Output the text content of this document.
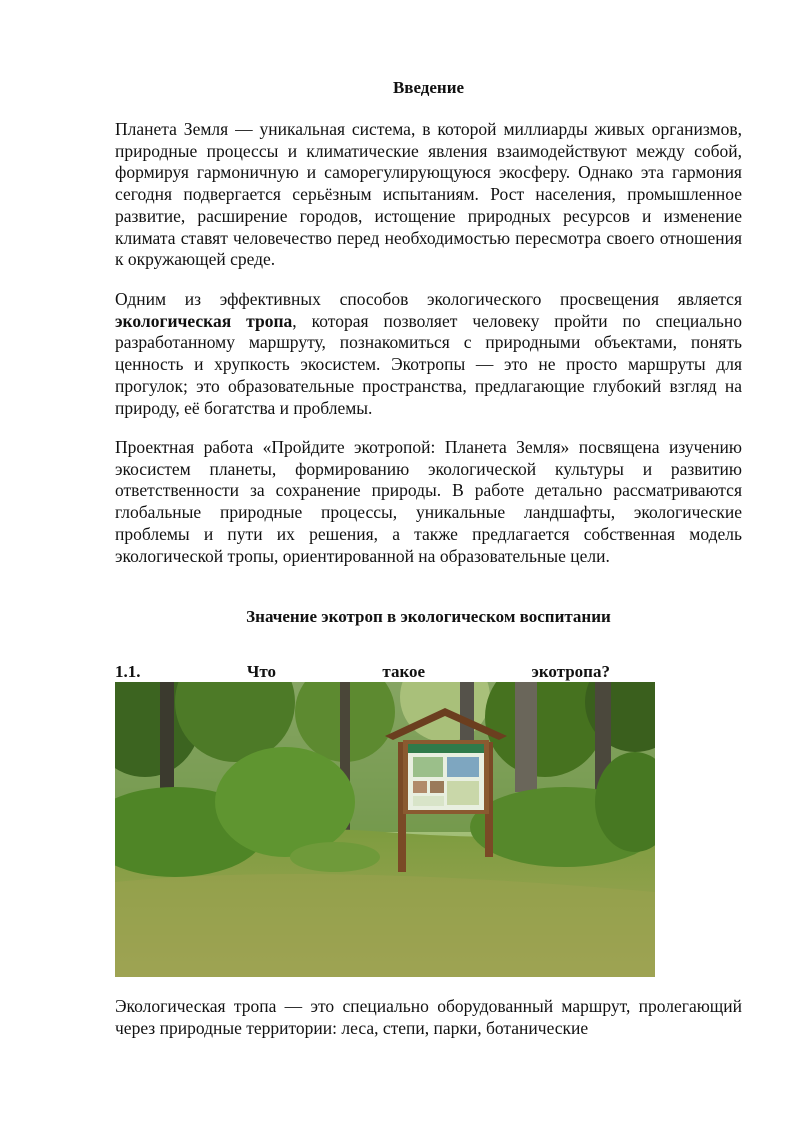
Введение
Планета Земля — уникальная система, в которой миллиарды живых организмов, природные процессы и климатические явления взаимодействуют между собой, формируя гармоничную и саморегулирующуюся экосферу. Однако эта гармония сегодня подвергается серьёзным испытаниям. Рост населения, промышленное развитие, расширение городов, истощение природных ресурсов и изменение климата ставят человечество перед необходимостью пересмотра своего отношения к окружающей среде.
Одним из эффективных способов экологического просвещения является экологическая тропа, которая позволяет человеку пройти по специально разработанному маршруту, познакомиться с природными объектами, понять ценность и хрупкость экосистем. Экотропы — это не просто маршруты для прогулок; это образовательные пространства, предлагающие глубокий взгляд на природу, её богатства и проблемы.
Проектная работа «Пройдите экотропой: Планета Земля» посвящена изучению экосистем планеты, формированию экологической культуры и развитию ответственности за сохранение природы. В работе детально рассматриваются глобальные природные процессы, уникальные ландшафты, экологические проблемы и пути их решения, а также предлагается собственная модель экологической тропы, ориентированной на образовательные цели.
Значение экотроп в экологическом воспитании
1.1.	Что	такое	экотропа?
Экологическая тропа — это специально оборудованный маршрут, пролегающий через природные территории: леса, степи, парки, ботанические
